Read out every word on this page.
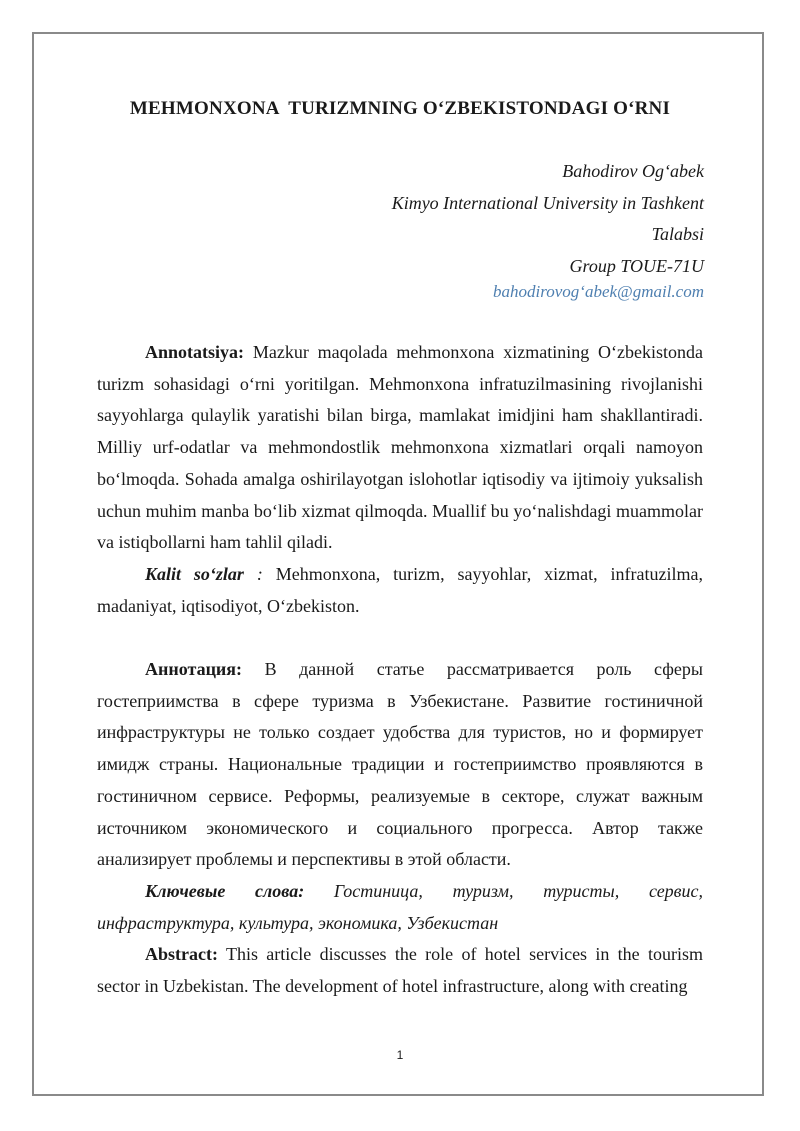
MEHMONXONA  TURIZMNING O‘ZBEKISTONDAGI O‘RNI
Bahodirov Og‘abek
Kimyo International University in Tashkent
Talabsi
Group TOUE-71U
bahodirovog‘abek@gmail.com

Annotatsiya: Mazkur maqolada mehmonxona xizmatining O‘zbekistonda turizm sohasidagi o‘rni yoritilgan. Mehmonxona infratuzilmasining rivojlanishi sayyohlarga qulaylik yaratishi bilan birga, mamlakat imidjini ham shakllantiradi. Milliy urf-odatlar va mehmondostlik mehmonxona xizmatlari orqali namoyon bo‘lmoqda. Sohada amalga oshirilayotgan islohotlar iqtisodiy va ijtimoiy yuksalish uchun muhim manba bo‘lib xizmat qilmoqda. Muallif bu yo‘nalishdagi muammolar va istiqbollarni ham tahlil qiladi.

Kalit so‘zlar : Mehmonxona, turizm, sayyohlar, xizmat, infratuzilma, madaniyat, iqtisodiyot, O‘zbekiston.

Аннотация: В данной статье рассматривается роль сферы гостеприимства в сфере туризма в Узбекистане. Развитие гостиничной инфраструктуры не только создает удобства для туристов, но и формирует имидж страны. Национальные традиции и гостеприимство проявляются в гостиничном сервисе. Реформы, реализуемые в секторе, служат важным источником экономического и социального прогресса. Автор также анализирует проблемы и перспективы в этой области.

Ключевые слова: Гостиница, туризм, туристы, сервис, инфраструктура, культура, экономика, Узбекистан

Abstract: This article discusses the role of hotel services in the tourism sector in Uzbekistan. The development of hotel infrastructure, along with creating

1
